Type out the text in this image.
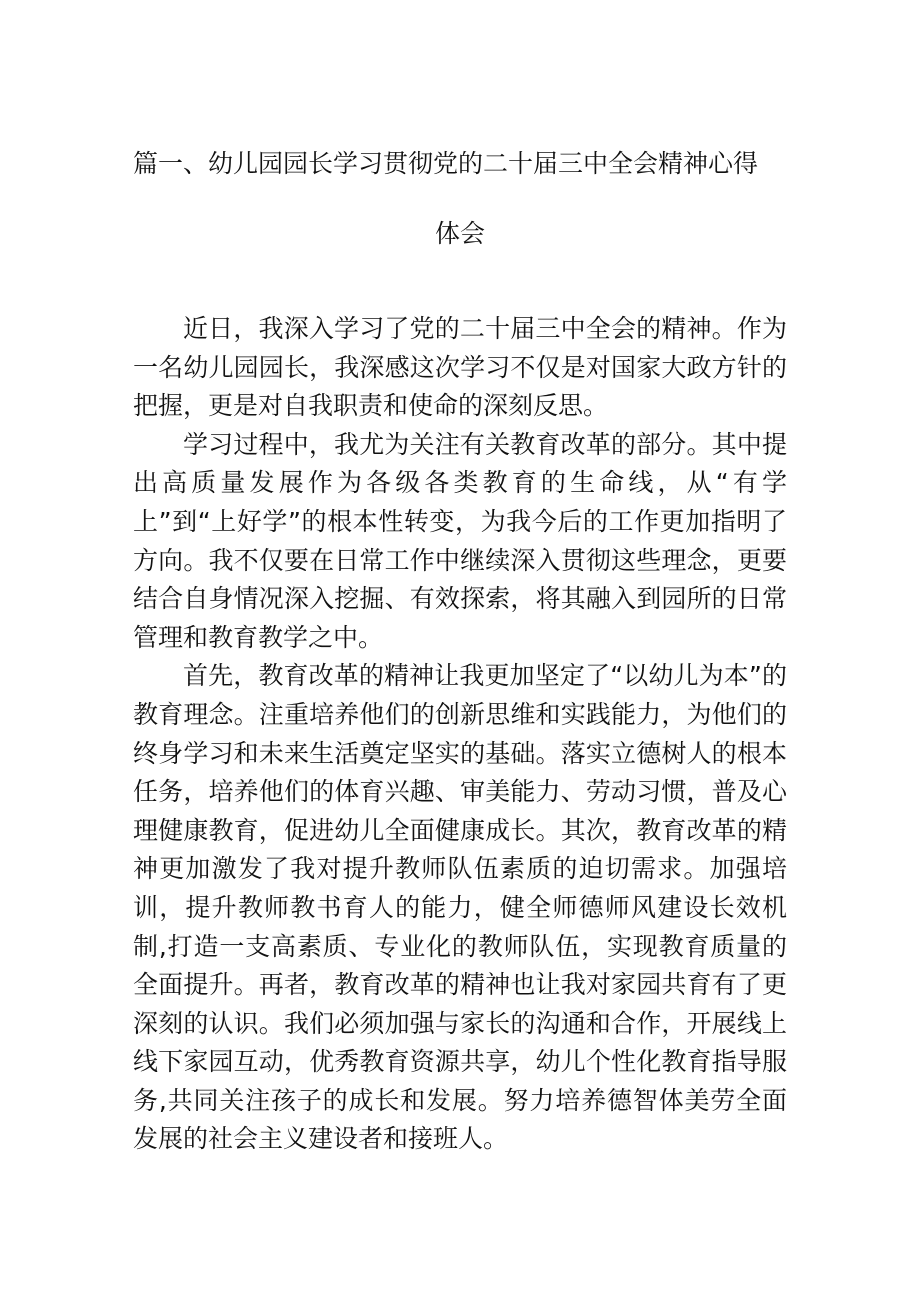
篇一、幼儿园园长学习贯彻党的二十届三中全会精神心得
体会

近日，我深入学习了党的二十届三中全会的精神。作为一名幼儿园园长，我深感这次学习不仅是对国家大政方针的把握，更是对自我职责和使命的深刻反思。

学习过程中，我尤为关注有关教育改革的部分。其中提出高质量发展作为各级各类教育的生命线，从“有学上”到“上好学”的根本性转变，为我今后的工作更加指明了方向。我不仅要在日常工作中继续深入贯彻这些理念，更要结合自身情况深入挖掘、有效探索，将其融入到园所的日常管理和教育教学之中。

首先，教育改革的精神让我更加坚定了“以幼儿为本”的教育理念。注重培养他们的创新思维和实践能力，为他们的终身学习和未来生活奠定坚实的基础。落实立德树人的根本任务，培养他们的体育兴趣、审美能力、劳动习惯，普及心理健康教育，促进幼儿全面健康成长。其次，教育改革的精神更加激发了我对提升教师队伍素质的迫切需求。加强培训，提升教师教书育人的能力，健全师德师风建设长效机制,打造一支高素质、专业化的教师队伍，实现教育质量的全面提升。再者，教育改革的精神也让我对家园共育有了更深刻的认识。我们必须加强与家长的沟通和合作，开展线上线下家园互动，优秀教育资源共享，幼儿个性化教育指导服务,共同关注孩子的成长和发展。努力培养德智体美劳全面发展的社会主义建设者和接班人。
